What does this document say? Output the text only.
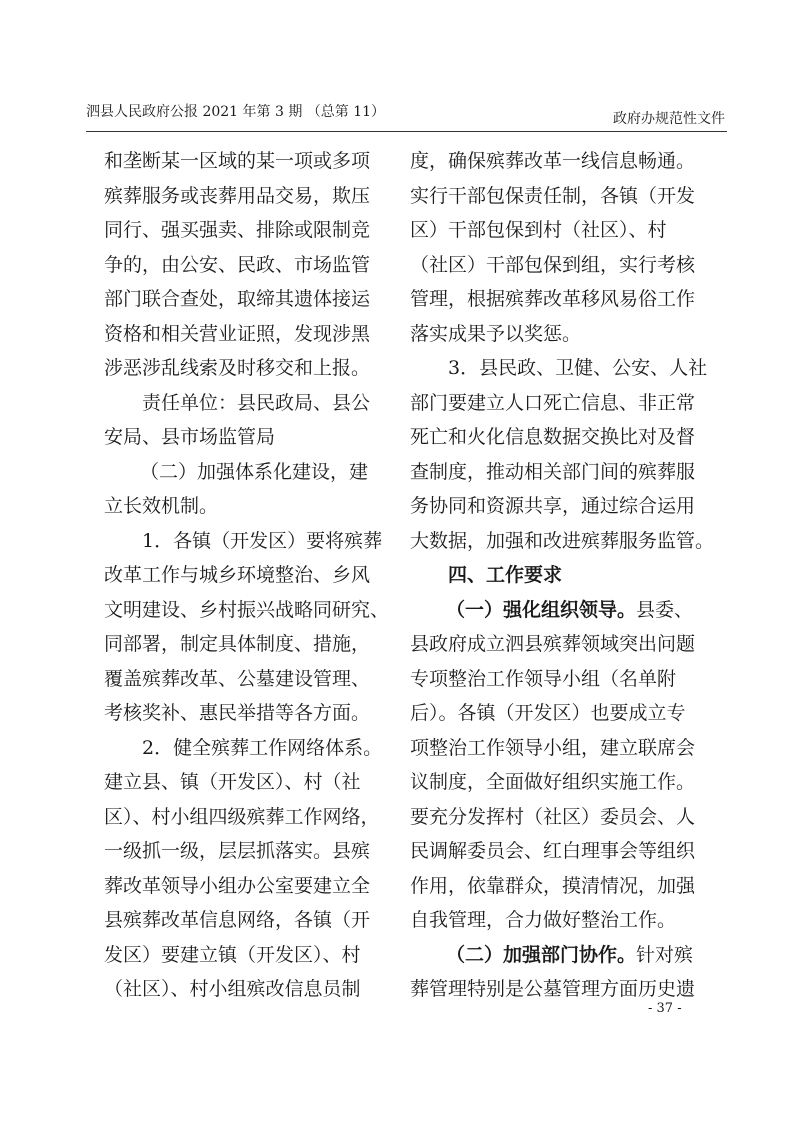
泗县人民政府公报 2021 年第 3 期 （总第 11）	政府办规范性文件
和垄断某一区域的某一项或多项
殡葬服务或丧葬用品交易，欺压
同行、强买强卖、排除或限制竞
争的，由公安、民政、市场监管
部门联合查处，取缔其遗体接运
资格和相关营业证照，发现涉黑
涉恶涉乱线索及时移交和上报。
责任单位：县民政局、县公
安局、县市场监管局
（二）加强体系化建设，建
立长效机制。
1．各镇（开发区）要将殡葬
改革工作与城乡环境整治、乡风
文明建设、乡村振兴战略同研究、
同部署，制定具体制度、措施，
覆盖殡葬改革、公墓建设管理、
考核奖补、惠民举措等各方面。
2．健全殡葬工作网络体系。
建立县、镇（开发区）、村（社
区）、村小组四级殡葬工作网络，
一级抓一级，层层抓落实。县殡
葬改革领导小组办公室要建立全
县殡葬改革信息网络，各镇（开
发区）要建立镇（开发区）、村
（社区）、村小组殡改信息员制
度，确保殡葬改革一线信息畅通。
实行干部包保责任制，各镇（开发
区）干部包保到村（社区）、村
（社区）干部包保到组，实行考核
管理，根据殡葬改革移风易俗工作
落实成果予以奖惩。
3．县民政、卫健、公安、人社
部门要建立人口死亡信息、非正常
死亡和火化信息数据交换比对及督
查制度，推动相关部门间的殡葬服
务协同和资源共享，通过综合运用
大数据，加强和改进殡葬服务监管。
四、工作要求
（一）强化组织领导。县委、
县政府成立泗县殡葬领域突出问题
专项整治工作领导小组（名单附
后）。各镇（开发区）也要成立专
项整治工作领导小组，建立联席会
议制度，全面做好组织实施工作。
要充分发挥村（社区）委员会、人
民调解委员会、红白理事会等组织
作用，依靠群众，摸清情况，加强
自我管理，合力做好整治工作。
（二）加强部门协作。针对殡
葬管理特别是公墓管理方面历史遗
- 37 -
